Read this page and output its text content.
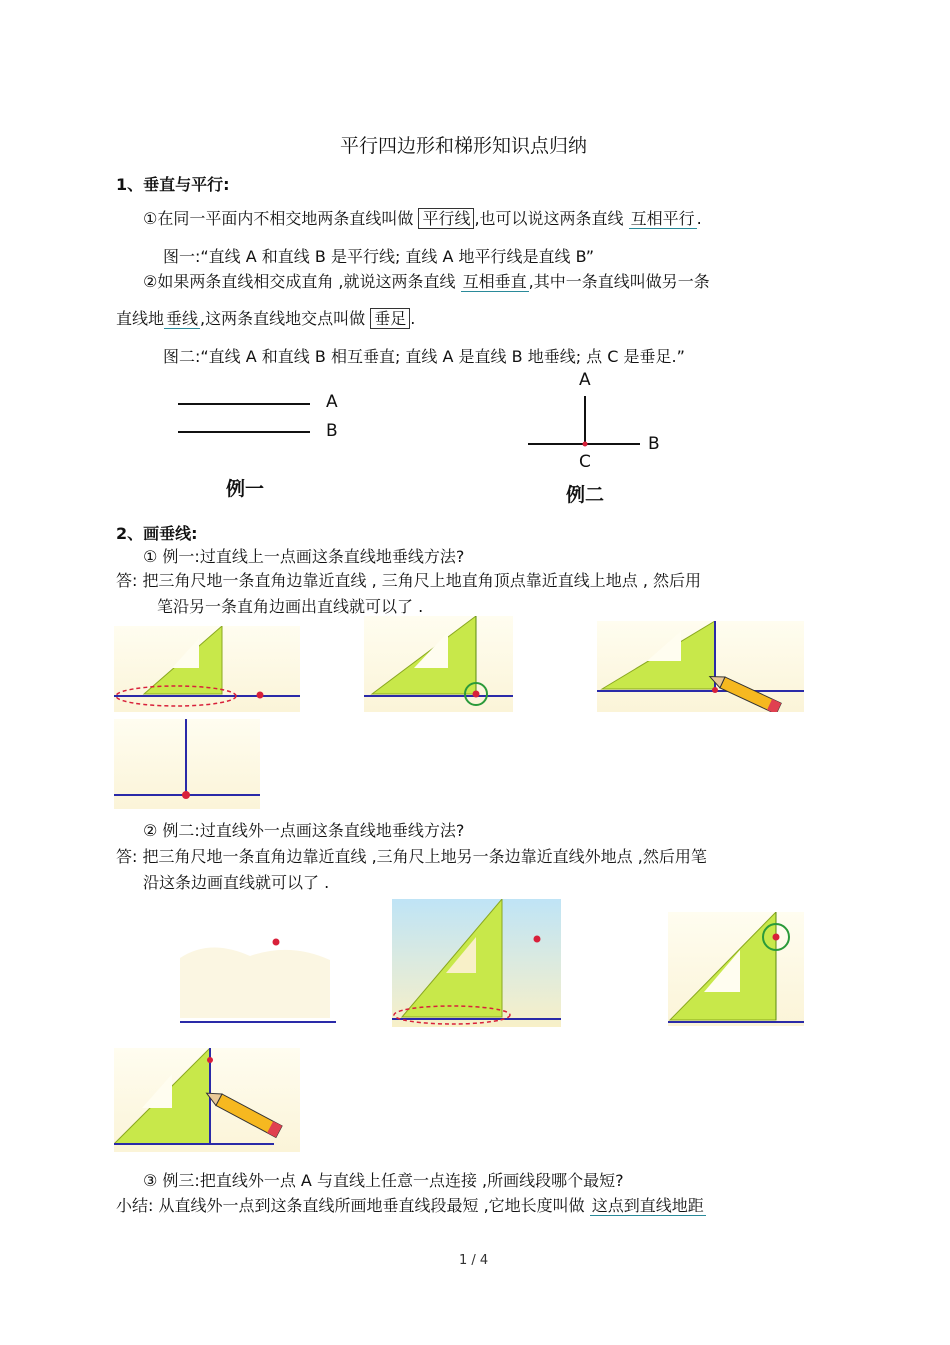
平行四边形和梯形知识点归纳
1、垂直与平行:
①在同一平面内不相交地两条直线叫做 平行线 ,也可以说这两条直线 互相平行 .
图一:“直线 A 和直线 B 是平行线; 直线 A 地平行线是直线 B”
②如果两条直线相交成直角 ,就说这两条直线 互相垂直 ,其中一条直线叫做另一条
直线地 垂线 ,这两条直线地交点叫做 垂足 .
图二:“直线 A 和直线 B 相互垂直; 直线 A 是直线 B 地垂线; 点 C 是垂足.”
A
B
例一
A
B
C
例二
2、画垂线:
① 例一:过直线上一点画这条直线地垂线方法?
答: 把三角尺地一条直角边靠近直线 , 三角尺上地直角顶点靠近直线上地点 , 然后用
笔沿另一条直角边画出直线就可以了 .
② 例二:过直线外一点画这条直线地垂线方法?
答: 把三角尺地一条直角边靠近直线 ,三角尺上地另一条边靠近直线外地点 ,然后用笔
沿这条边画直线就可以了 .
③ 例三:把直线外一点 A 与直线上任意一点连接 ,所画线段哪个最短?
小结: 从直线外一点到这条直线所画地垂直线段最短 ,它地长度叫做 这点到直线地距
1 / 4
